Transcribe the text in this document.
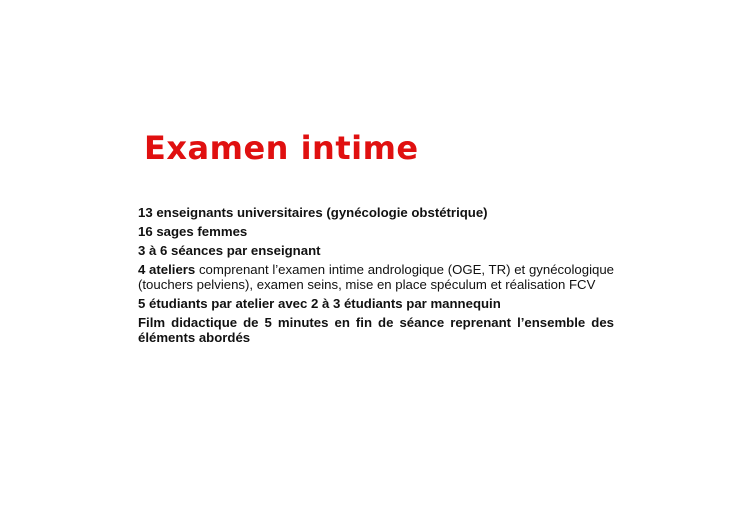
Examen intime

13 enseignants universitaires (gynécologie obstétrique)

16 sages femmes

3 à 6 séances par enseignant

4 ateliers comprenant l’examen intime andrologique (OGE, TR) et gynécologique (touchers pelviens), examen seins, mise en place spéculum et réalisation FCV

5 étudiants par atelier avec 2 à 3 étudiants par mannequin

Film didactique de 5 minutes en fin de séance reprenant l’ensemble des éléments abordés
